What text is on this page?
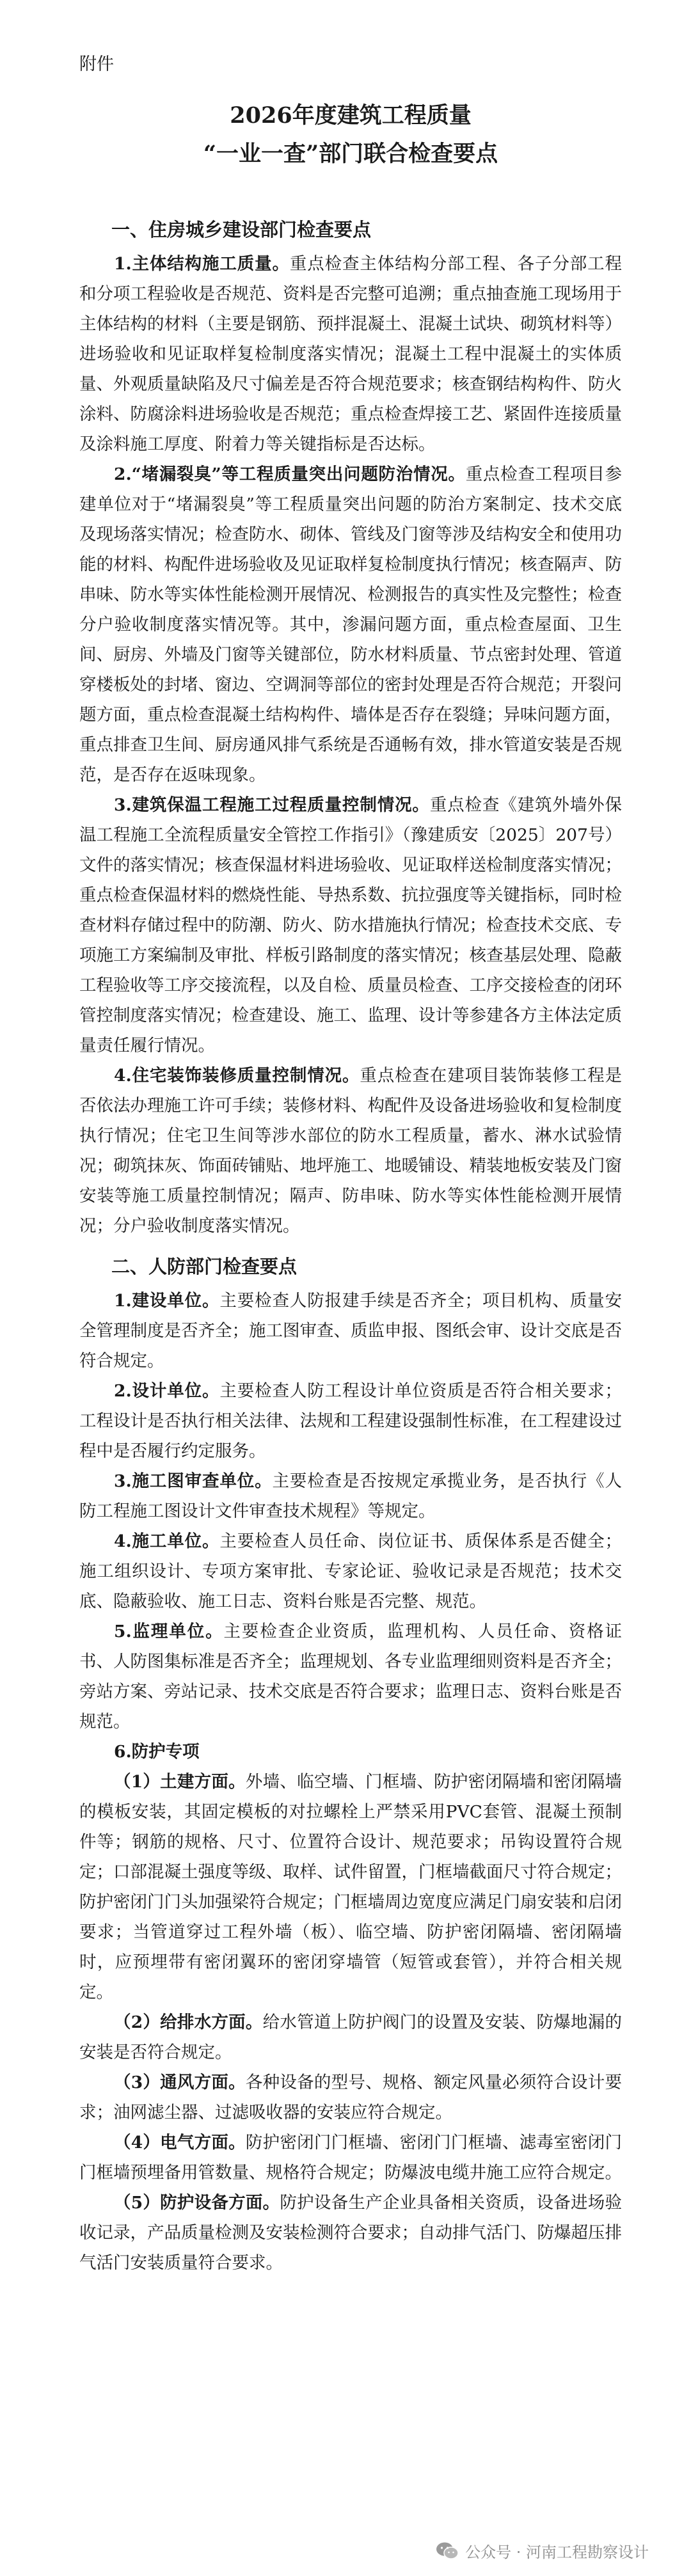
附件
2026年度建筑工程质量
“一业一查”部门联合检查要点
一、住房城乡建设部门检查要点

1.主体结构施工质量。重点检查主体结构分部工程、各子分部工程和分项工程验收是否规范、资料是否完整可追溯；重点抽查施工现场用于主体结构的材料（主要是钢筋、预拌混凝土、混凝土试块、砌筑材料等）进场验收和见证取样复检制度落实情况；混凝土工程中混凝土的实体质量、外观质量缺陷及尺寸偏差是否符合规范要求；核查钢结构构件、防火涂料、防腐涂料进场验收是否规范；重点检查焊接工艺、紧固件连接质量及涂料施工厚度、附着力等关键指标是否达标。

2.“堵漏裂臭”等工程质量突出问题防治情况。重点检查工程项目参建单位对于“堵漏裂臭”等工程质量突出问题的防治方案制定、技术交底及现场落实情况；检查防水、砌体、管线及门窗等涉及结构安全和使用功能的材料、构配件进场验收及见证取样复检制度执行情况；核查隔声、防串味、防水等实体性能检测开展情况、检测报告的真实性及完整性；检查分户验收制度落实情况等。其中，渗漏问题方面，重点检查屋面、卫生间、厨房、外墙及门窗等关键部位，防水材料质量、节点密封处理、管道穿楼板处的封堵、窗边、空调洞等部位的密封处理是否符合规范；开裂问题方面，重点检查混凝土结构构件、墙体是否存在裂缝；异味问题方面，重点排查卫生间、厨房通风排气系统是否通畅有效，排水管道安装是否规范，是否存在返味现象。

3.建筑保温工程施工过程质量控制情况。重点检查《建筑外墙外保温工程施工全流程质量安全管控工作指引》（豫建质安〔2025〕207号）文件的落实情况；核查保温材料进场验收、见证取样送检制度落实情况；重点检查保温材料的燃烧性能、导热系数、抗拉强度等关键指标，同时检查材料存储过程中的防潮、防火、防水措施执行情况；检查技术交底、专项施工方案编制及审批、样板引路制度的落实情况；核查基层处理、隐蔽工程验收等工序交接流程，以及自检、质量员检查、工序交接检查的闭环管控制度落实情况；检查建设、施工、监理、设计等参建各方主体法定质量责任履行情况。

4.住宅装饰装修质量控制情况。重点检查在建项目装饰装修工程是否依法办理施工许可手续；装修材料、构配件及设备进场验收和复检制度执行情况；住宅卫生间等涉水部位的防水工程质量，蓄水、淋水试验情况；砌筑抹灰、饰面砖铺贴、地坪施工、地暖铺设、精装地板安装及门窗安装等施工质量控制情况；隔声、防串味、防水等实体性能检测开展情况；分户验收制度落实情况。

二、人防部门检查要点

1.建设单位。主要检查人防报建手续是否齐全；项目机构、质量安全管理制度是否齐全；施工图审查、质监申报、图纸会审、设计交底是否符合规定。

2.设计单位。主要检查人防工程设计单位资质是否符合相关要求；工程设计是否执行相关法律、法规和工程建设强制性标准，在工程建设过程中是否履行约定服务。

3.施工图审查单位。主要检查是否按规定承揽业务，是否执行《人防工程施工图设计文件审查技术规程》等规定。

4.施工单位。主要检查人员任命、岗位证书、质保体系是否健全；施工组织设计、专项方案审批、专家论证、验收记录是否规范；技术交底、隐蔽验收、施工日志、资料台账是否完整、规范。

5.监理单位。主要检查企业资质，监理机构、人员任命、资格证书、人防图集标准是否齐全；监理规划、各专业监理细则资料是否齐全；旁站方案、旁站记录、技术交底是否符合要求；监理日志、资料台账是否规范。

6.防护专项

（1）土建方面。外墙、临空墙、门框墙、防护密闭隔墙和密闭隔墙的模板安装，其固定模板的对拉螺栓上严禁采用PVC套管、混凝土预制件等；钢筋的规格、尺寸、位置符合设计、规范要求；吊钩设置符合规定；口部混凝土强度等级、取样、试件留置，门框墙截面尺寸符合规定；防护密闭门门头加强梁符合规定；门框墙周边宽度应满足门扇安装和启闭要求；当管道穿过工程外墙（板）、临空墙、防护密闭隔墙、密闭隔墙时，应预埋带有密闭翼环的密闭穿墙管（短管或套管），并符合相关规定。

（2）给排水方面。给水管道上防护阀门的设置及安装、防爆地漏的安装是否符合规定。

（3）通风方面。各种设备的型号、规格、额定风量必须符合设计要求；油网滤尘器、过滤吸收器的安装应符合规定。

（4）电气方面。防护密闭门门框墙、密闭门门框墙、滤毒室密闭门门框墙预埋备用管数量、规格符合规定；防爆波电缆井施工应符合规定。

（5）防护设备方面。防护设备生产企业具备相关资质，设备进场验收记录，产品质量检测及安装检测符合要求；自动排气活门、防爆超压排气活门安装质量符合要求。

公众号 · 河南工程勘察设计
